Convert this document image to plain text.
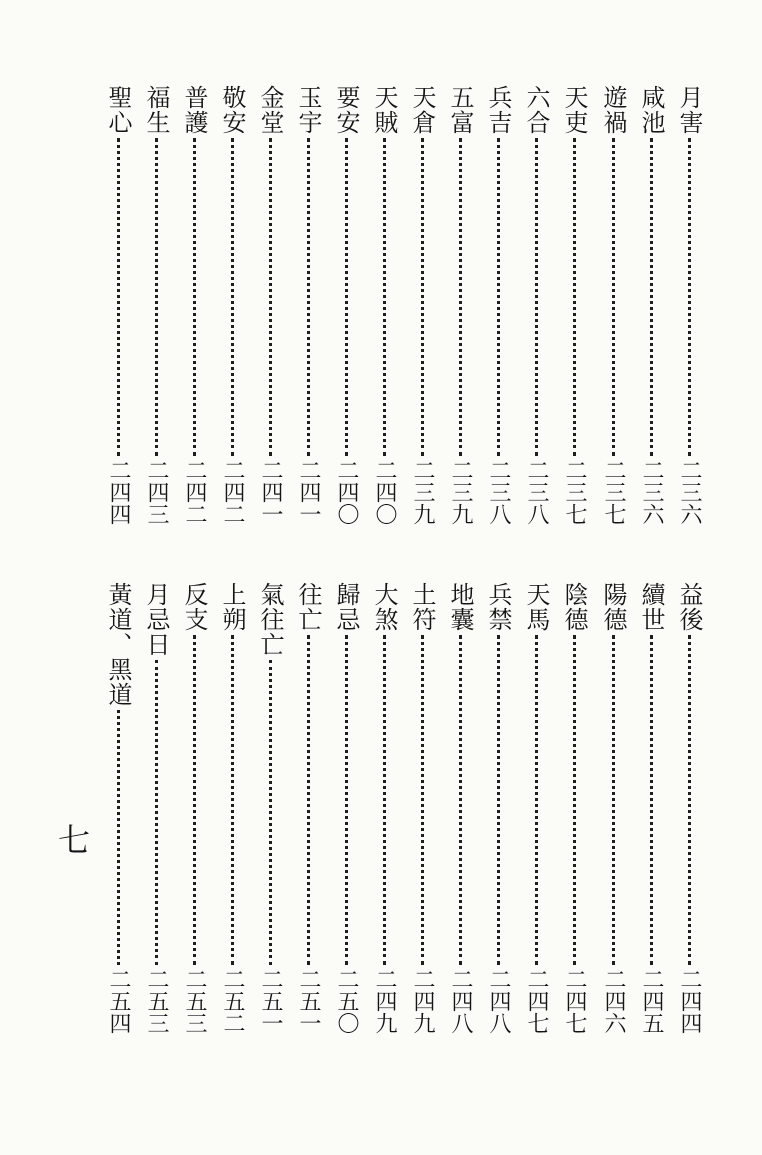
月害
二三六
益後
二四四
咸池
二三六
續世
二四五
遊禍
二三七
陽德
二四六
天吏
二三七
陰德
二四七
六合
二三八
天馬
二四七
兵吉
二三八
兵禁
二四八
五富
二三九
地囊
二四八
天倉
二三九
土符
二四九
天賊
二四〇
大煞
二四九
要安
二四〇
歸忌
二五〇
玉宇
二四一
往亡
二五一
金堂
二四一
氣往亡
二五一
敬安
二四二
上朔
二五二
普護
二四二
反支
二五三
福生
二四三
月忌日
二五三
聖心
二四四
黃道、黑道
二五四
七
